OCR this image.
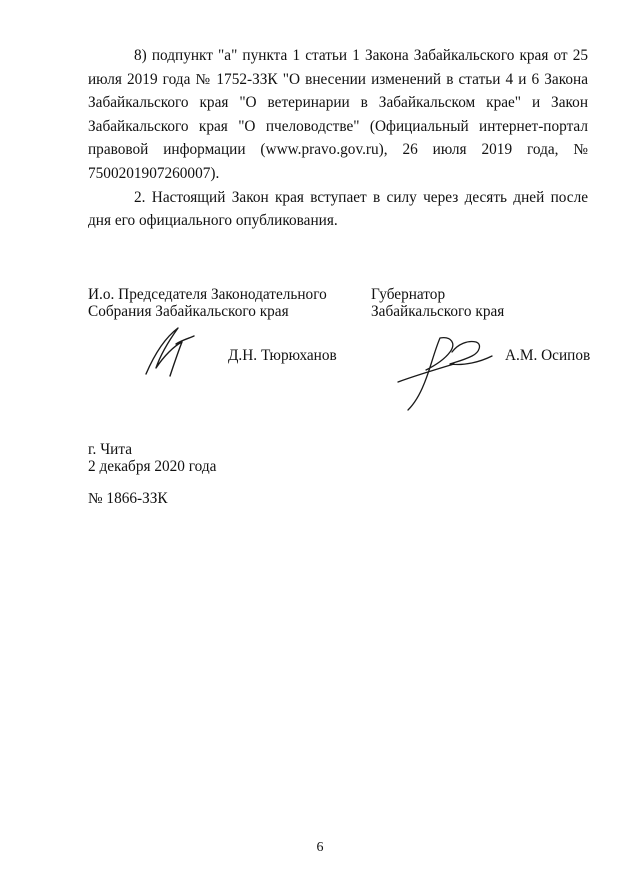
8) подпункт "а" пункта 1 статьи 1 Закона Забайкальского края от 25 июля 2019 года № 1752-ЗЗК "О внесении изменений в статьи 4 и 6 Закона Забайкальского края "О ветеринарии в Забайкальском крае" и Закон Забайкальского края "О пчеловодстве" (Официальный интернет-портал правовой информации (www.pravo.gov.ru), 26 июля 2019 года, № 7500201907260007).

2. Настоящий Закон края вступает в силу через десять дней после дня его официального опубликования.

И.о. Председателя Законодательного
Собрания Забайкальского края
Губернатор
Забайкальского края
Д.Н. Тюрюханов	А.М. Осипов
г. Чита
2 декабря 2020 года
№ 1866-ЗЗК
6
